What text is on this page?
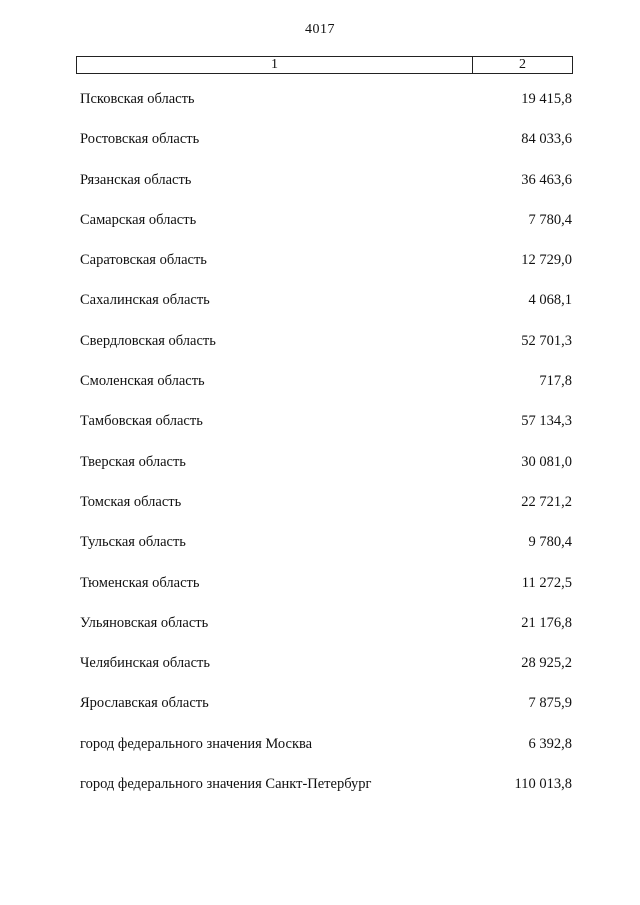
4017
1	2
Псковская область	19 415,8
Ростовская область	84 033,6
Рязанская область	36 463,6
Самарская область	7 780,4
Саратовская область	12 729,0
Сахалинская область	4 068,1
Свердловская область	52 701,3
Смоленская область	717,8
Тамбовская область	57 134,3
Тверская область	30 081,0
Томская область	22 721,2
Тульская область	9 780,4
Тюменская область	11 272,5
Ульяновская область	21 176,8
Челябинская область	28 925,2
Ярославская область	7 875,9
город федерального значения Москва	6 392,8
город федерального значения Санкт-Петербург	110 013,8
